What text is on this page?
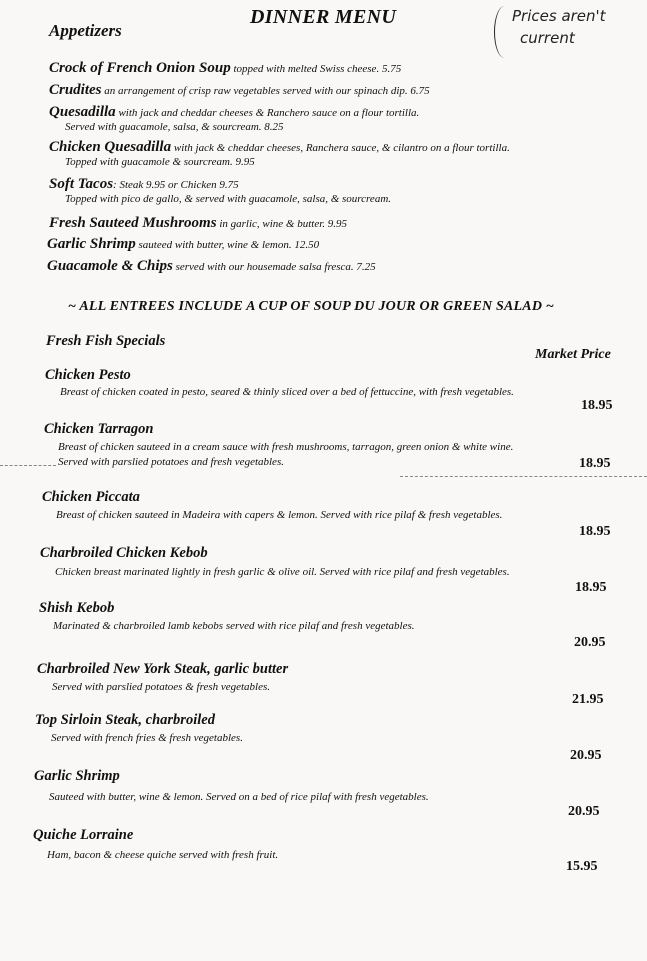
DINNER MENU	Prices aren't
current
Appetizers
Crock of French Onion Soup topped with melted Swiss cheese. 5.75
Crudites an arrangement of crisp raw vegetables served with our spinach dip. 6.75
Quesadilla with jack and cheddar cheeses & Ranchero sauce on a flour tortilla.
Served with guacamole, salsa, & sourcream. 8.25
Chicken Quesadilla with jack & cheddar cheeses, Ranchera sauce, & cilantro on a flour tortilla.
Topped with guacamole & sourcream. 9.95
Soft Tacos: Steak 9.95 or Chicken 9.75
Topped with pico de gallo, & served with guacamole, salsa, & sourcream.
Fresh Sauteed Mushrooms in garlic, wine & butter. 9.95
Garlic Shrimp sauteed with butter, wine & lemon. 12.50
Guacamole & Chips served with our housemade salsa fresca. 7.25
~ ALL ENTREES INCLUDE A CUP OF SOUP DU JOUR OR GREEN SALAD ~
Fresh Fish Specials
Market Price
Chicken Pesto
Breast of chicken coated in pesto, seared & thinly sliced over a bed of fettuccine, with fresh vegetables.
18.95
Chicken Tarragon
Breast of chicken sauteed in a cream sauce with fresh mushrooms, tarragon, green onion & white wine.
Served with parslied potatoes and fresh vegetables.	18.95
Chicken Piccata
Breast of chicken sauteed in Madeira with capers & lemon. Served with rice pilaf & fresh vegetables.
18.95
Charbroiled Chicken Kebob
Chicken breast marinated lightly in fresh garlic & olive oil. Served with rice pilaf and fresh vegetables.
18.95
Shish Kebob
Marinated & charbroiled lamb kebobs served with rice pilaf and fresh vegetables.
20.95
Charbroiled New York Steak, garlic butter
Served with parslied potatoes & fresh vegetables.
21.95
Top Sirloin Steak, charbroiled
Served with french fries & fresh vegetables.
20.95
Garlic Shrimp
Sauteed with butter, wine & lemon. Served on a bed of rice pilaf with fresh vegetables.
20.95
Quiche Lorraine
Ham, bacon & cheese quiche served with fresh fruit.
15.95
